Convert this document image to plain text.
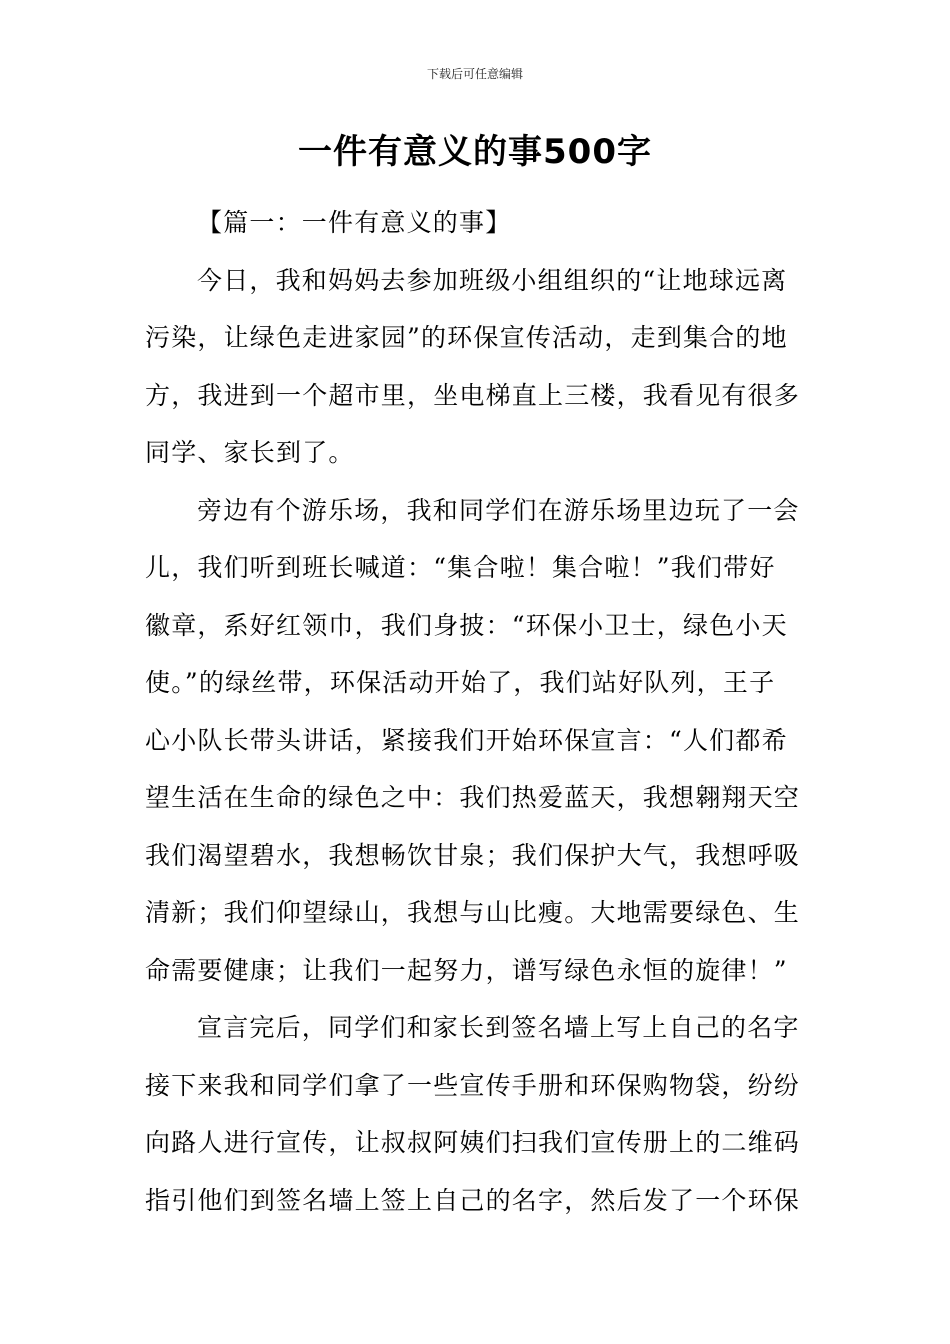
下载后可任意编辑
一件有意义的事500字
【篇一：一件有意义的事】
今日，我和妈妈去参加班级小组组织的“让地球远离
污染，让绿色走进家园”的环保宣传活动，走到集合的地
方，我进到一个超市里，坐电梯直上三楼，我看见有很多
同学、家长到了。
旁边有个游乐场，我和同学们在游乐场里边玩了一会
儿，我们听到班长喊道：“集合啦！集合啦！”我们带好
徽章，系好红领巾，我们身披：“环保小卫士，绿色小天
使。”的绿丝带，环保活动开始了，我们站好队列，王子
心小队长带头讲话，紧接我们开始环保宣言：“人们都希
望生活在生命的绿色之中：我们热爱蓝天，我想翱翔天空
我们渴望碧水，我想畅饮甘泉；我们保护大气，我想呼吸
清新；我们仰望绿山，我想与山比瘦。大地需要绿色、生
命需要健康；让我们一起努力，谱写绿色永恒的旋律！”
宣言完后，同学们和家长到签名墙上写上自己的名字
接下来我和同学们拿了一些宣传手册和环保购物袋，纷纷
向路人进行宣传，让叔叔阿姨们扫我们宣传册上的二维码
指引他们到签名墙上签上自己的名字，然后发了一个环保
